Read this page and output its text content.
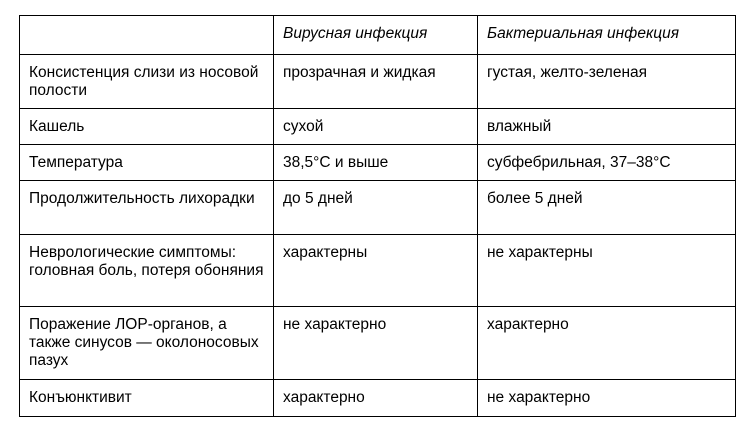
	Вирусная инфекция	Бактериальная инфекция
Консистенция слизи из носовой полости	прозрачная и жидкая	густая, желто-зеленая
Кашель	сухой	влажный
Температура	38,5°С и выше	субфебрильная, 37–38°С
Продолжительность лихорадки	до 5 дней	более 5 дней
Неврологические симптомы: головная боль, потеря обоняния	характерны	не характерны
Поражение ЛОР-органов, а также синусов — околоносовых пазух	не характерно	характерно
Конъюнктивит	характерно	не характерно
